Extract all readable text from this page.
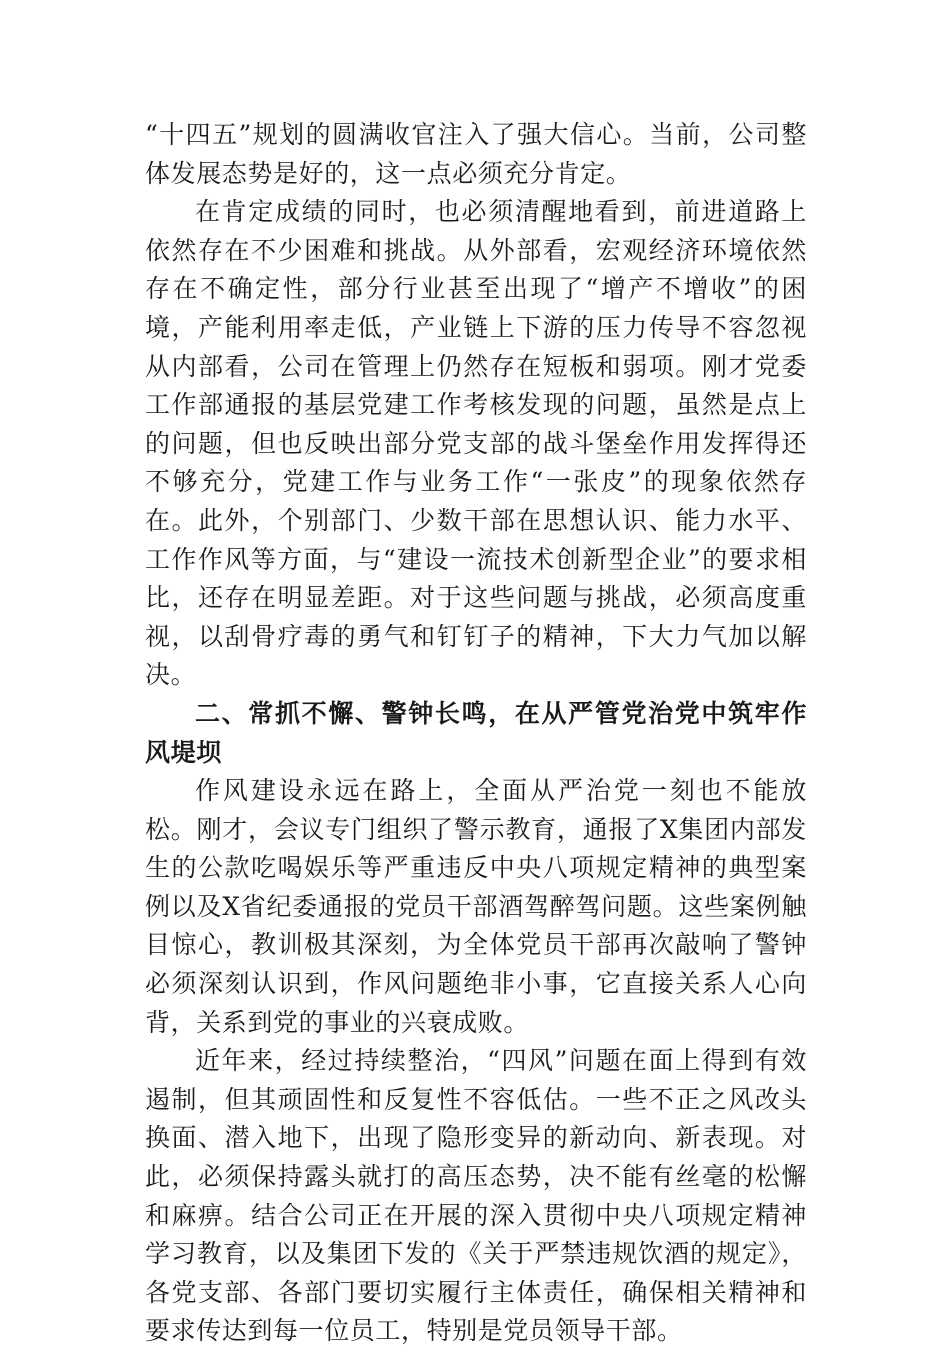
“十四五”规划的圆满收官注入了强大信心。当前，公司整体发展态势是好的，这一点必须充分肯定。

在肯定成绩的同时，也必须清醒地看到，前进道路上依然存在不少困难和挑战。从外部看，宏观经济环境依然存在不确定性，部分行业甚至出现了“增产不增收”的困境，产能利用率走低，产业链上下游的压力传导不容忽视从内部看，公司在管理上仍然存在短板和弱项。刚才党委工作部通报的基层党建工作考核发现的问题，虽然是点上的问题，但也反映出部分党支部的战斗堡垒作用发挥得还不够充分，党建工作与业务工作“一张皮”的现象依然存在。此外，个别部门、少数干部在思想认识、能力水平、工作作风等方面，与“建设一流技术创新型企业”的要求相比，还存在明显差距。对于这些问题与挑战，必须高度重视，以刮骨疗毒的勇气和钉钉子的精神，下大力气加以解决。

二、常抓不懈、警钟长鸣，在从严管党治党中筑牢作风堤坝

作风建设永远在路上，全面从严治党一刻也不能放松。刚才，会议专门组织了警示教育，通报了X集团内部发生的公款吃喝娱乐等严重违反中央八项规定精神的典型案例以及X省纪委通报的党员干部酒驾醉驾问题。这些案例触目惊心，教训极其深刻，为全体党员干部再次敲响了警钟必须深刻认识到，作风问题绝非小事，它直接关系人心向背，关系到党的事业的兴衰成败。

近年来，经过持续整治，“四风”问题在面上得到有效遏制，但其顽固性和反复性不容低估。一些不正之风改头换面、潜入地下，出现了隐形变异的新动向、新表现。对此，必须保持露头就打的高压态势，决不能有丝毫的松懈和麻痹。结合公司正在开展的深入贯彻中央八项规定精神学习教育，以及集团下发的《关于严禁违规饮酒的规定》，各党支部、各部门要切实履行主体责任，确保相关精神和要求传达到每一位员工，特别是党员领导干部。
